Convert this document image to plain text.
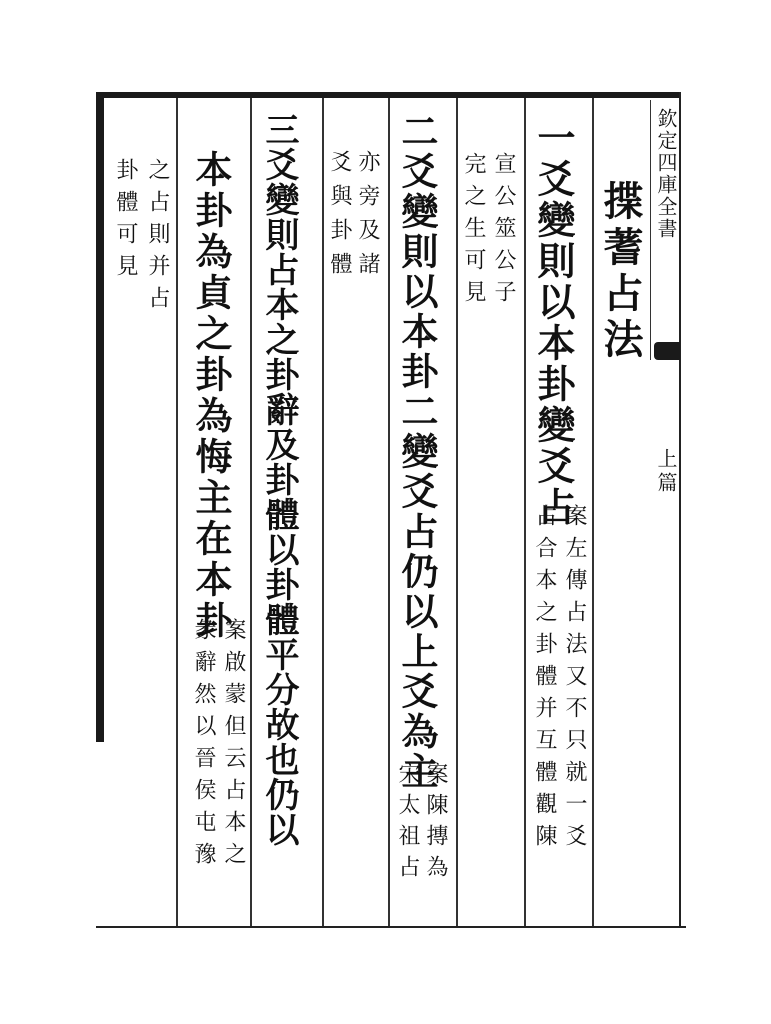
欽定四庫全書
上篇
揲蓍占法
一爻變則以本卦變爻占
案左傳占法又不只就一爻
占合本之卦體并互體觀陳
宣公筮公子
完之生可見
二爻變則以本卦二變爻占仍以上爻為主
案陳摶為
宋太祖占
亦旁及諸
爻與卦體
三爻變則占本之卦辭及卦體以卦體平分故也仍以
本卦為貞之卦為悔主在本卦
案啟蒙但云占本之
彖辭然以晉侯屯豫
之占則并占
卦體可見
